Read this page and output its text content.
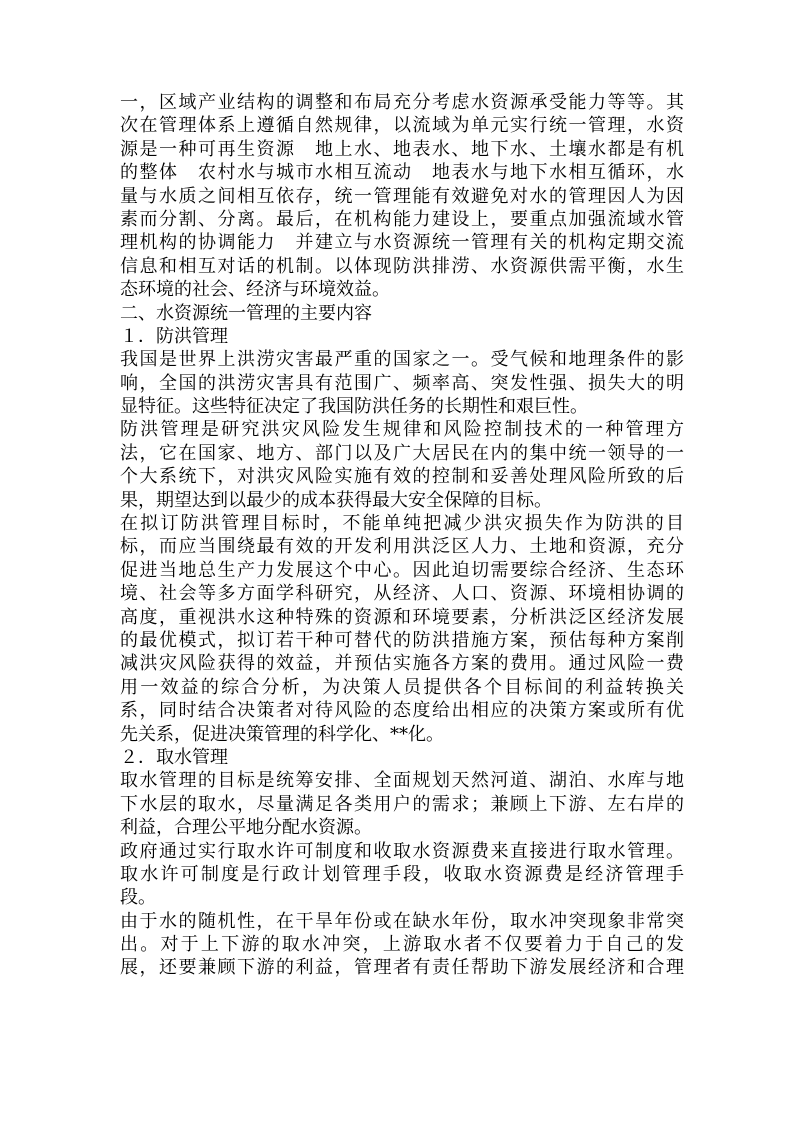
一，区域产业结构的调整和布局充分考虑水资源承受能力等等。其
次在管理体系上遵循自然规律，以流域为单元实行统一管理，水资
源是一种可再生资源　地上水、地表水、地下水、土壤水都是有机
的整体　农村水与城市水相互流动　地表水与地下水相互循环，水
量与水质之间相互依存，统一管理能有效避免对水的管理因人为因
素而分割、分离。最后，在机构能力建设上，要重点加强流域水管
理机构的协调能力　并建立与水资源统一管理有关的机构定期交流
信息和相互对话的机制。以体现防洪排涝、水资源供需平衡，水生
态环境的社会、经济与环境效益。
二、水资源统一管理的主要内容
１．防洪管理
我国是世界上洪涝灾害最严重的国家之一。受气候和地理条件的影
响，全国的洪涝灾害具有范围广、频率高、突发性强、损失大的明
显特征。这些特征决定了我国防洪任务的长期性和艰巨性。
防洪管理是研究洪灾风险发生规律和风险控制技术的一种管理方
法，它在国家、地方、部门以及广大居民在内的集中统一领导的一
个大系统下，对洪灾风险实施有效的控制和妥善处理风险所致的后
果，期望达到以最少的成本获得最大安全保障的目标。
在拟订防洪管理目标时，不能单纯把减少洪灾损失作为防洪的目
标，而应当围绕最有效的开发利用洪泛区人力、土地和资源，充分
促进当地总生产力发展这个中心。因此迫切需要综合经济、生态环
境、社会等多方面学科研究，从经济、人口、资源、环境相协调的
高度，重视洪水这种特殊的资源和环境要素，分析洪泛区经济发展
的最优模式，拟订若干种可替代的防洪措施方案，预估每种方案削
减洪灾风险获得的效益，并预估实施各方案的费用。通过风险一费
用一效益的综合分析，为决策人员提供各个目标间的利益转换关
系，同时结合决策者对待风险的态度给出相应的决策方案或所有优
先关系，促进决策管理的科学化、**化。
２．取水管理
取水管理的目标是统筹安排、全面规划天然河道、湖泊、水库与地
下水层的取水，尽量满足各类用户的需求；兼顾上下游、左右岸的
利益，合理公平地分配水资源。
政府通过实行取水许可制度和收取水资源费来直接进行取水管理。
取水许可制度是行政计划管理手段，收取水资源费是经济管理手
段。
由于水的随机性，在干旱年份或在缺水年份，取水冲突现象非常突
出。对于上下游的取水冲突，上游取水者不仅要着力于自己的发
展，还要兼顾下游的利益，管理者有责任帮助下游发展经济和合理
